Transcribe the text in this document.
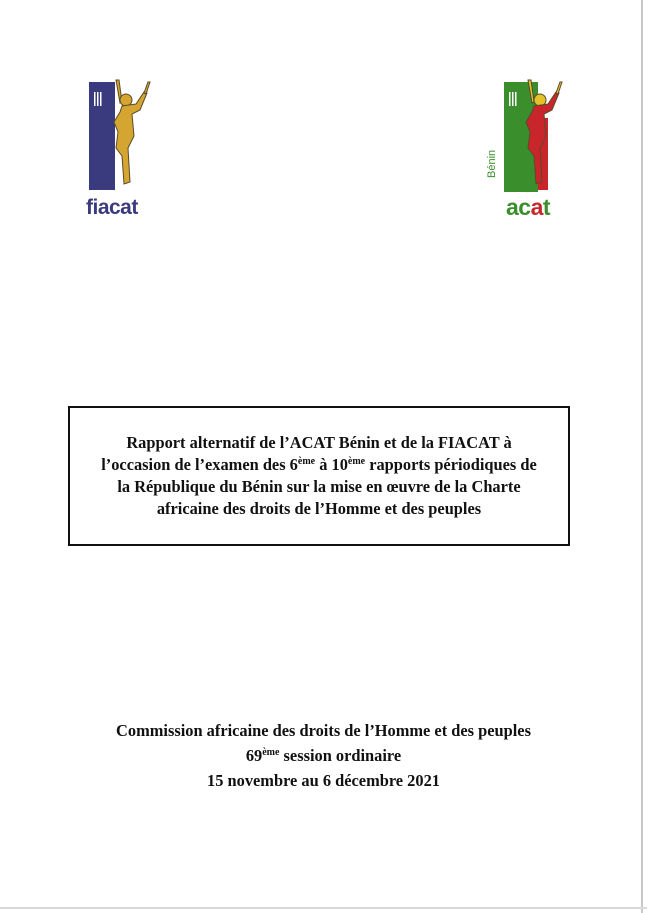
fiacat
Bénin
acat
Rapport alternatif de l’ACAT Bénin et de la FIACAT à
l’occasion de l’examen des 6ème à 10ème rapports périodiques de
la République du Bénin sur la mise en œuvre de la Charte
africaine des droits de l’Homme et des peuples
Commission africaine des droits de l’Homme et des peuples
69ème session ordinaire
15 novembre au 6 décembre 2021
